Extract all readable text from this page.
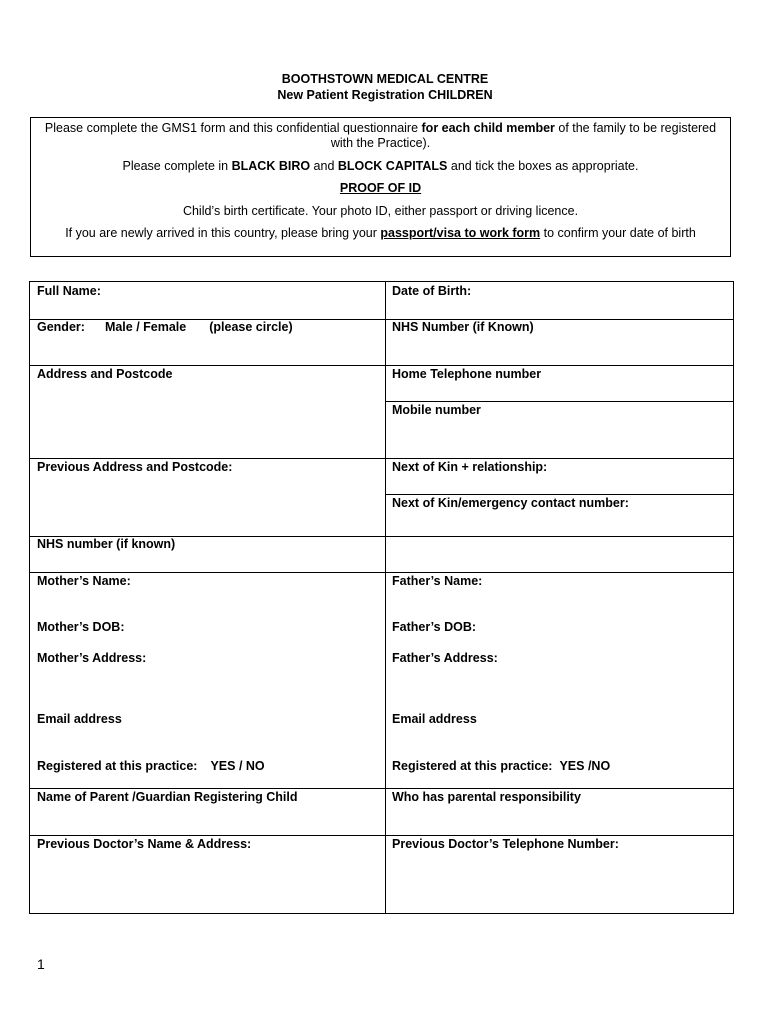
BOOTHSTOWN MEDICAL CENTRE
New Patient Registration CHILDREN
Please complete the GMS1 form and this confidential questionnaire for each child member of the family to be registered with the Practice).
Please complete in BLACK BIRO and BLOCK CAPITALS and tick the boxes as appropriate.
PROOF OF ID
Child’s birth certificate. Your photo ID, either passport or driving licence.
If you are newly arrived in this country, please bring your passport/visa to work form to confirm your date of birth
Full Name:	Date of Birth:
Gender: Male / Female (please circle)	NHS Number (if Known)
Address and Postcode	Home Telephone number
Mobile number
Previous Address and Postcode:	Next of Kin + relationship:
Next of Kin/emergency contact number:
NHS number (if known)
Mother’s Name:	Father’s Name:
Mother’s DOB:	Father’s DOB:
Mother’s Address:	Father’s Address:
Email address	Email address
Registered at this practice: YES / NO	Registered at this practice: YES /NO
Name of Parent /Guardian Registering Child	Who has parental responsibility
Previous Doctor’s Name & Address:	Previous Doctor’s Telephone Number:
1
